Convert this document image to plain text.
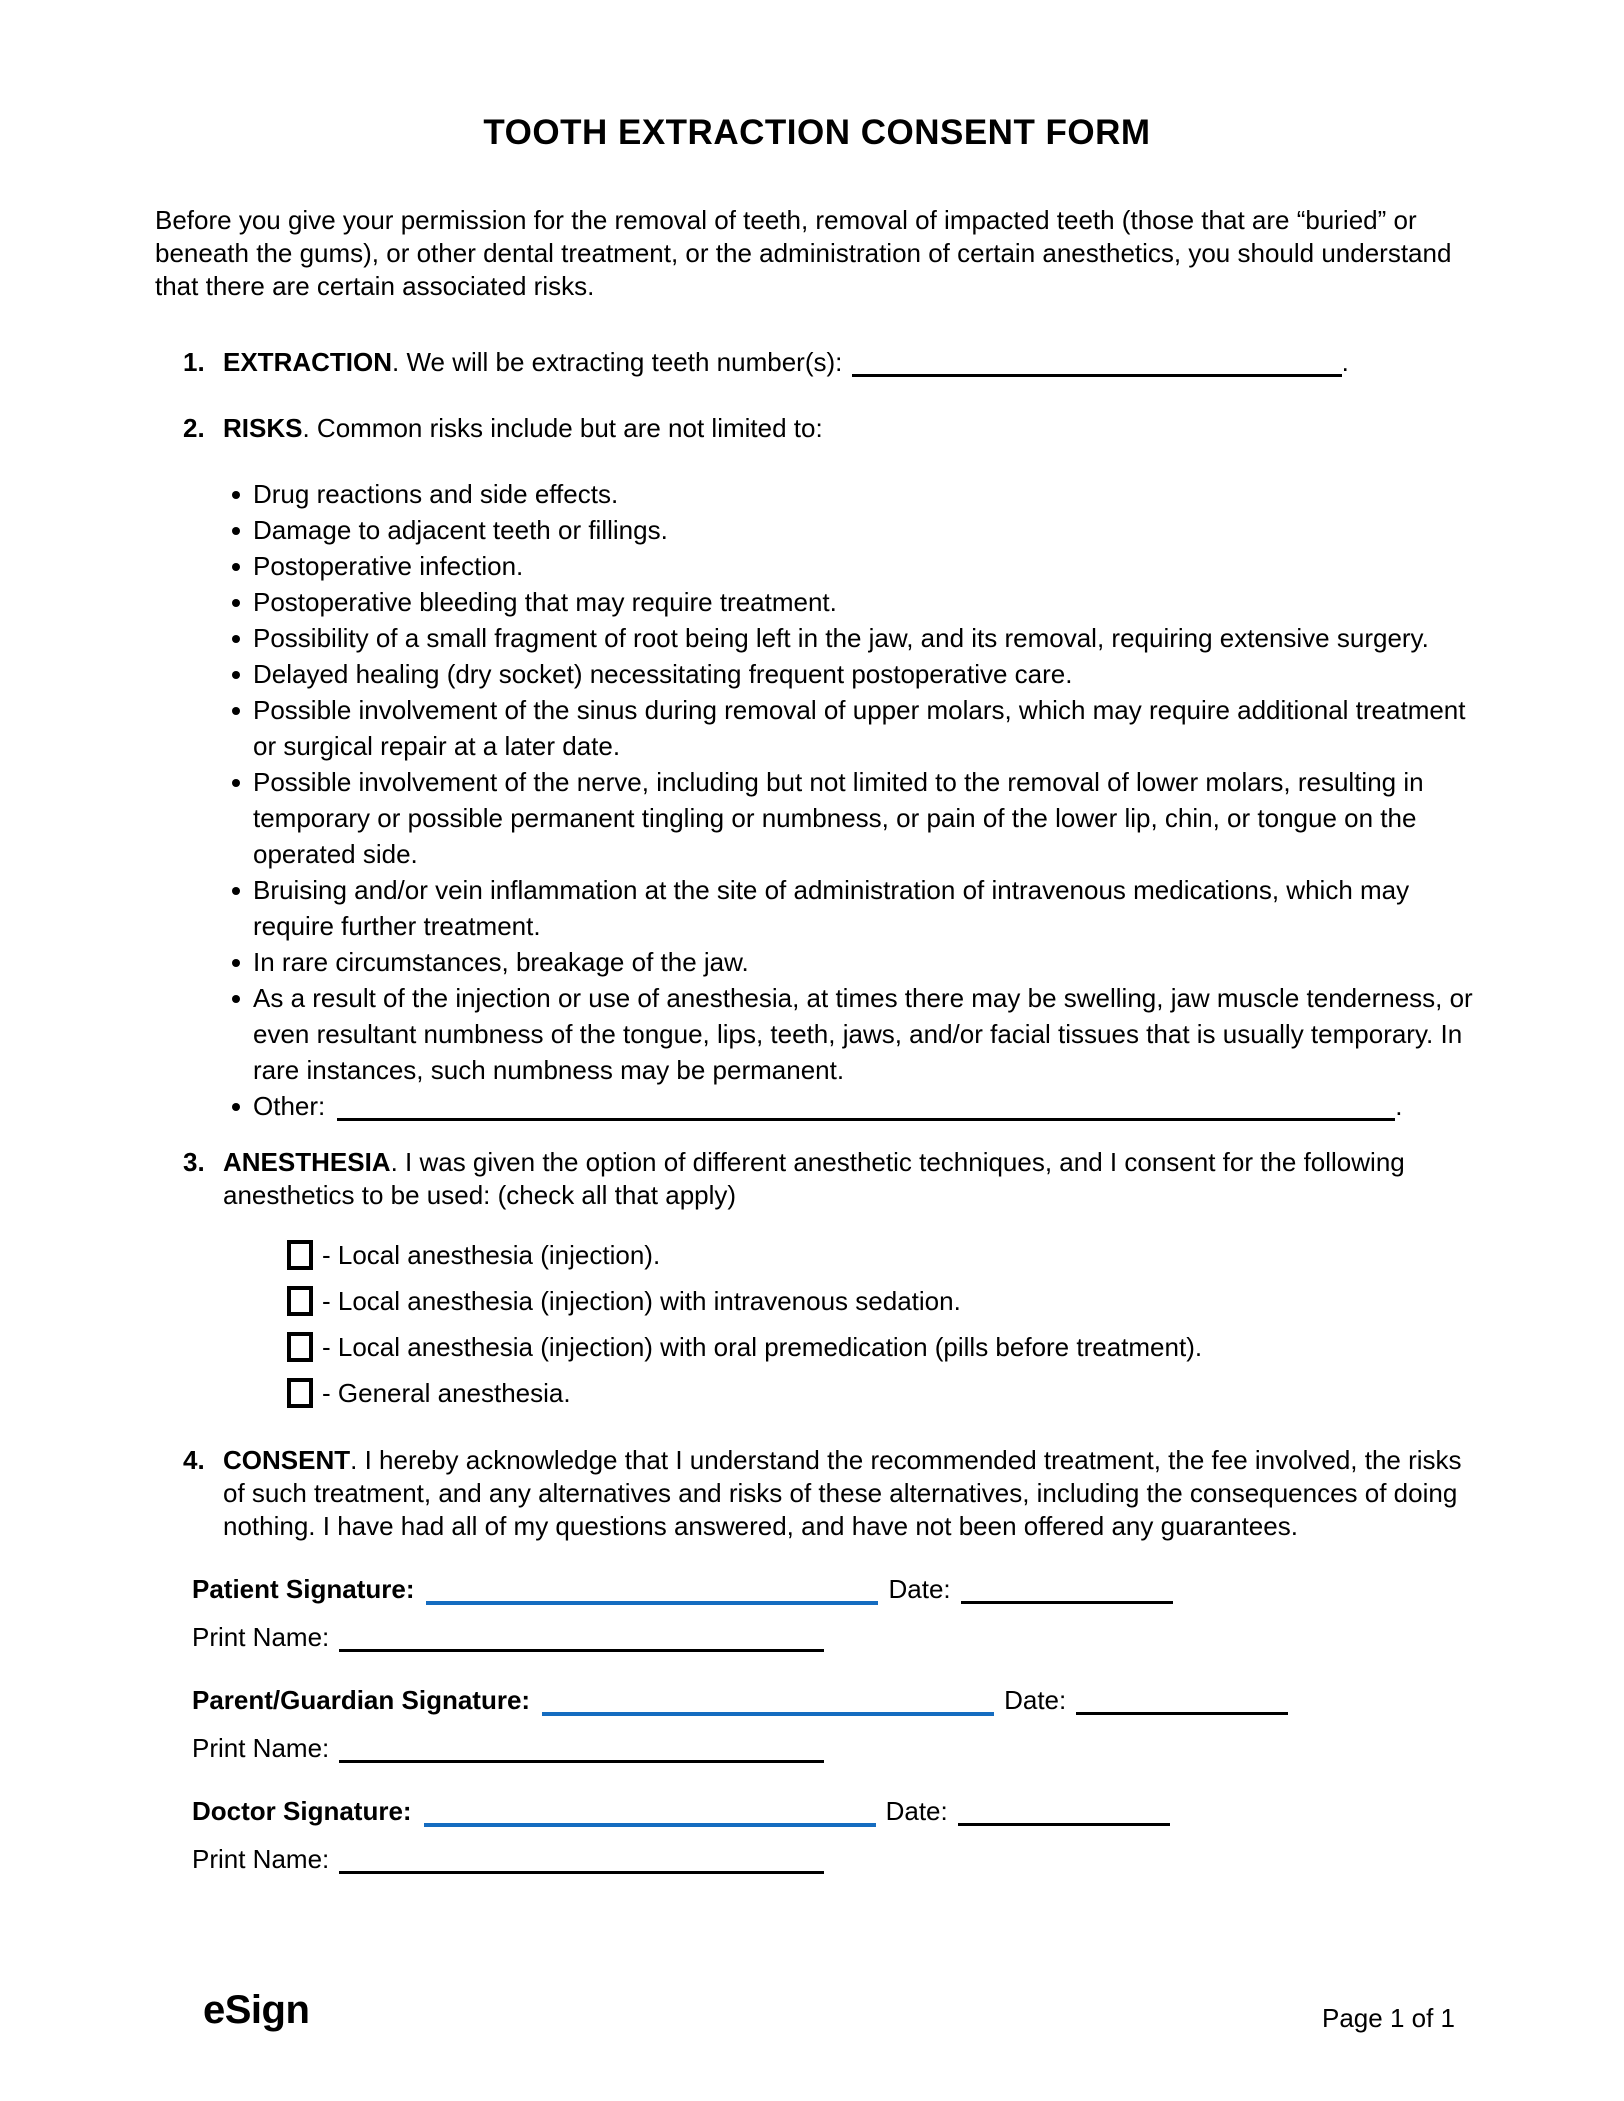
TOOTH EXTRACTION CONSENT FORM

Before you give your permission for the removal of teeth, removal of impacted teeth (those that are “buried” or beneath the gums), or other dental treatment, or the administration of certain anesthetics, you should understand that there are certain associated risks.

1. EXTRACTION. We will be extracting teeth number(s):	.
2. RISKS. Common risks include but are not limited to:
Drug reactions and side effects.
Damage to adjacent teeth or fillings.
Postoperative infection.
Postoperative bleeding that may require treatment.
Possibility of a small fragment of root being left in the jaw, and its removal, requiring extensive surgery.
Delayed healing (dry socket) necessitating frequent postoperative care.
Possible involvement of the sinus during removal of upper molars, which may require additional treatment or surgical repair at a later date.
Possible involvement of the nerve, including but not limited to the removal of lower molars, resulting in temporary or possible permanent tingling or numbness, or pain of the lower lip, chin, or tongue on the operated side.
Bruising and/or vein inflammation at the site of administration of intravenous medications, which may require further treatment.
In rare circumstances, breakage of the jaw.
As a result of the injection or use of anesthesia, at times there may be swelling, jaw muscle tenderness, or even resultant numbness of the tongue, lips, teeth, jaws, and/or facial tissues that is usually temporary. In rare instances, such numbness may be permanent.
Other:	.
3. ANESTHESIA. I was given the option of different anesthetic techniques, and I consent for the following anesthetics to be used: (check all that apply)
- Local anesthesia (injection).
- Local anesthesia (injection) with intravenous sedation.
- Local anesthesia (injection) with oral premedication (pills before treatment).
- General anesthesia.
4. CONSENT. I hereby acknowledge that I understand the recommended treatment, the fee involved, the risks of such treatment, and any alternatives and risks of these alternatives, including the consequences of doing nothing. I have had all of my questions answered, and have not been offered any guarantees.
Patient Signature:	Date:
Print Name:
Parent/Guardian Signature:	Date:
Print Name:
Doctor Signature:	Date:
Print Name:
eSign	Page 1 of 1
